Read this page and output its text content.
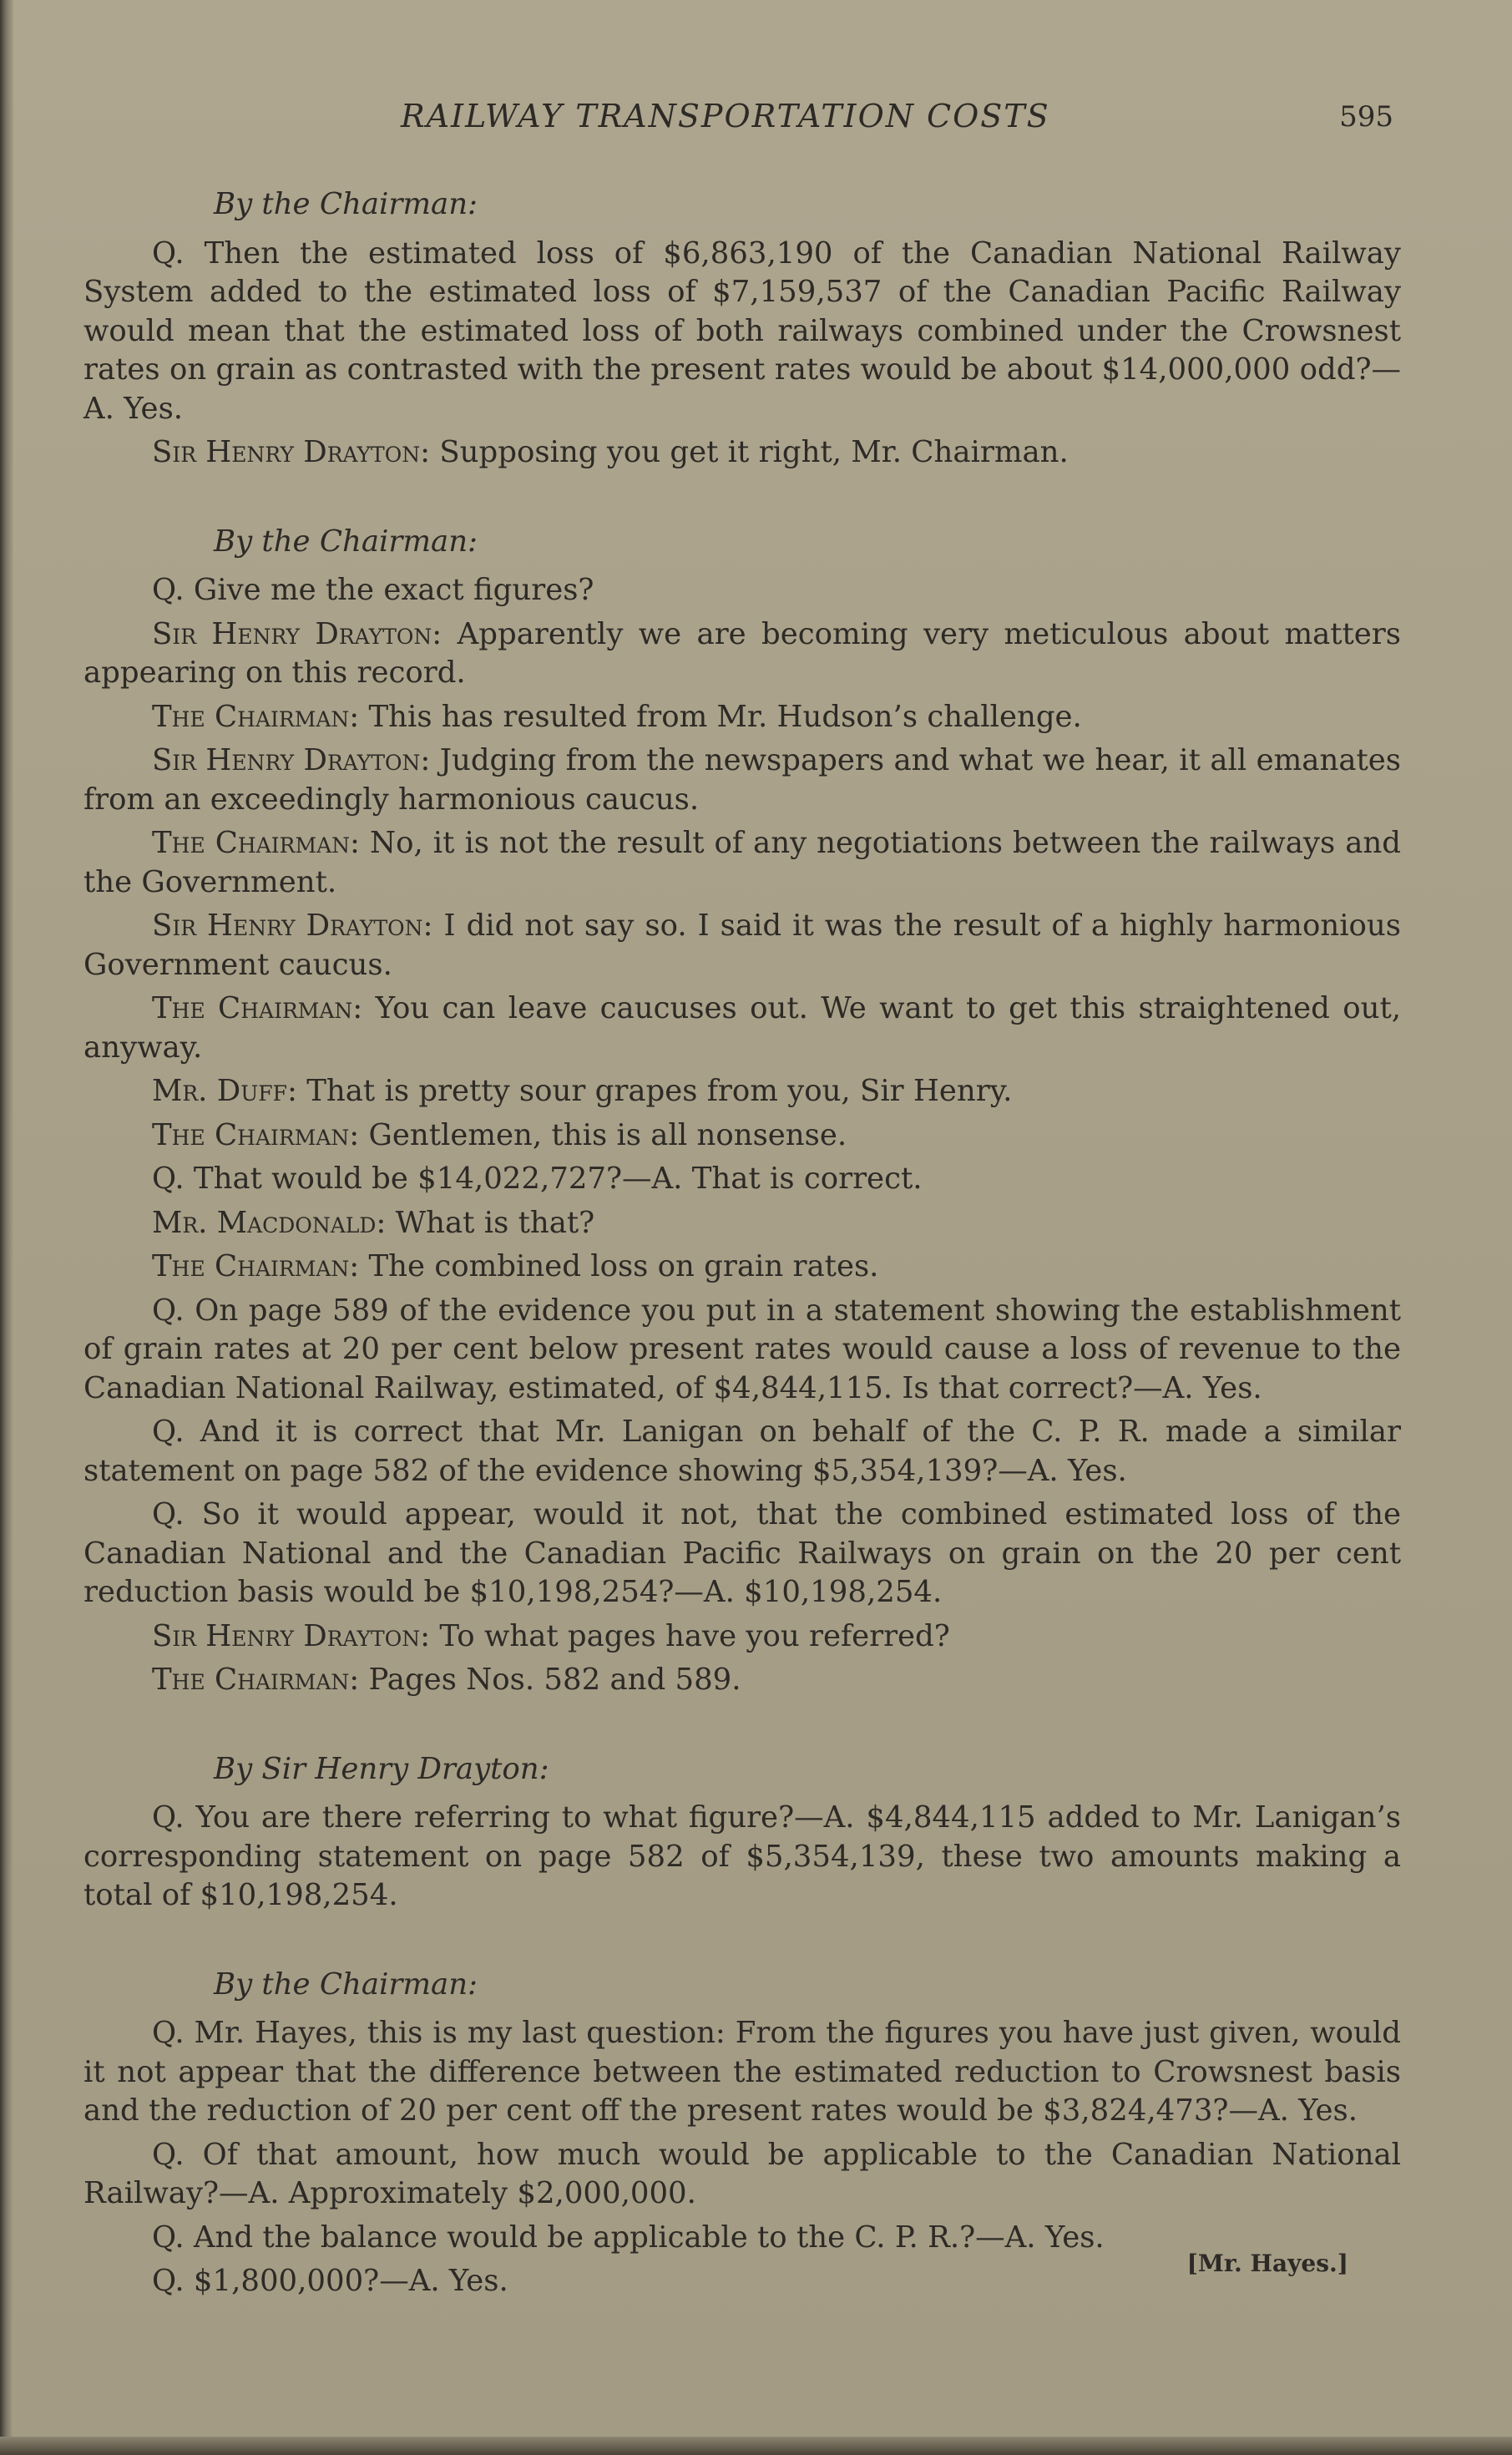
RAILWAY TRANSPORTATION COSTS	595

By the Chairman:

Q. Then the estimated loss of $6,863,190 of the Canadian National Railway System added to the estimated loss of $7,159,537 of the Canadian Pacific Railway would mean that the estimated loss of both railways combined under the Crowsnest rates on grain as contrasted with the present rates would be about $14,000,000 odd?—A. Yes.

Sir Henry Drayton: Supposing you get it right, Mr. Chairman.

By the Chairman:

Q. Give me the exact figures?

Sir Henry Drayton: Apparently we are becoming very meticulous about matters appearing on this record.

The Chairman: This has resulted from Mr. Hudson’s challenge.

Sir Henry Drayton: Judging from the newspapers and what we hear, it all emanates from an exceedingly harmonious caucus.

The Chairman: No, it is not the result of any negotiations between the railways and the Government.

Sir Henry Drayton: I did not say so. I said it was the result of a highly harmonious Government caucus.

The Chairman: You can leave caucuses out. We want to get this straightened out, anyway.

Mr. Duff: That is pretty sour grapes from you, Sir Henry.

The Chairman: Gentlemen, this is all nonsense.

Q. That would be $14,022,727?—A. That is correct.

Mr. Macdonald: What is that?

The Chairman: The combined loss on grain rates.

Q. On page 589 of the evidence you put in a statement showing the establishment of grain rates at 20 per cent below present rates would cause a loss of revenue to the Canadian National Railway, estimated, of $4,844,115. Is that correct?—A. Yes.

Q. And it is correct that Mr. Lanigan on behalf of the C. P. R. made a similar statement on page 582 of the evidence showing $5,354,139?—A. Yes.

Q. So it would appear, would it not, that the combined estimated loss of the Canadian National and the Canadian Pacific Railways on grain on the 20 per cent reduction basis would be $10,198,254?—A. $10,198,254.

Sir Henry Drayton: To what pages have you referred?

The Chairman: Pages Nos. 582 and 589.

By Sir Henry Drayton:

Q. You are there referring to what figure?—A. $4,844,115 added to Mr. Lanigan’s corresponding statement on page 582 of $5,354,139, these two amounts making a total of $10,198,254.

By the Chairman:

Q. Mr. Hayes, this is my last question: From the figures you have just given, would it not appear that the difference between the estimated reduction to Crowsnest basis and the reduction of 20 per cent off the present rates would be $3,824,473?—A. Yes.

Q. Of that amount, how much would be applicable to the Canadian National Railway?—A. Approximately $2,000,000.

Q. And the balance would be applicable to the C. P. R.?—A. Yes.

Q. $1,800,000?—A. Yes.

[Mr. Hayes.]
